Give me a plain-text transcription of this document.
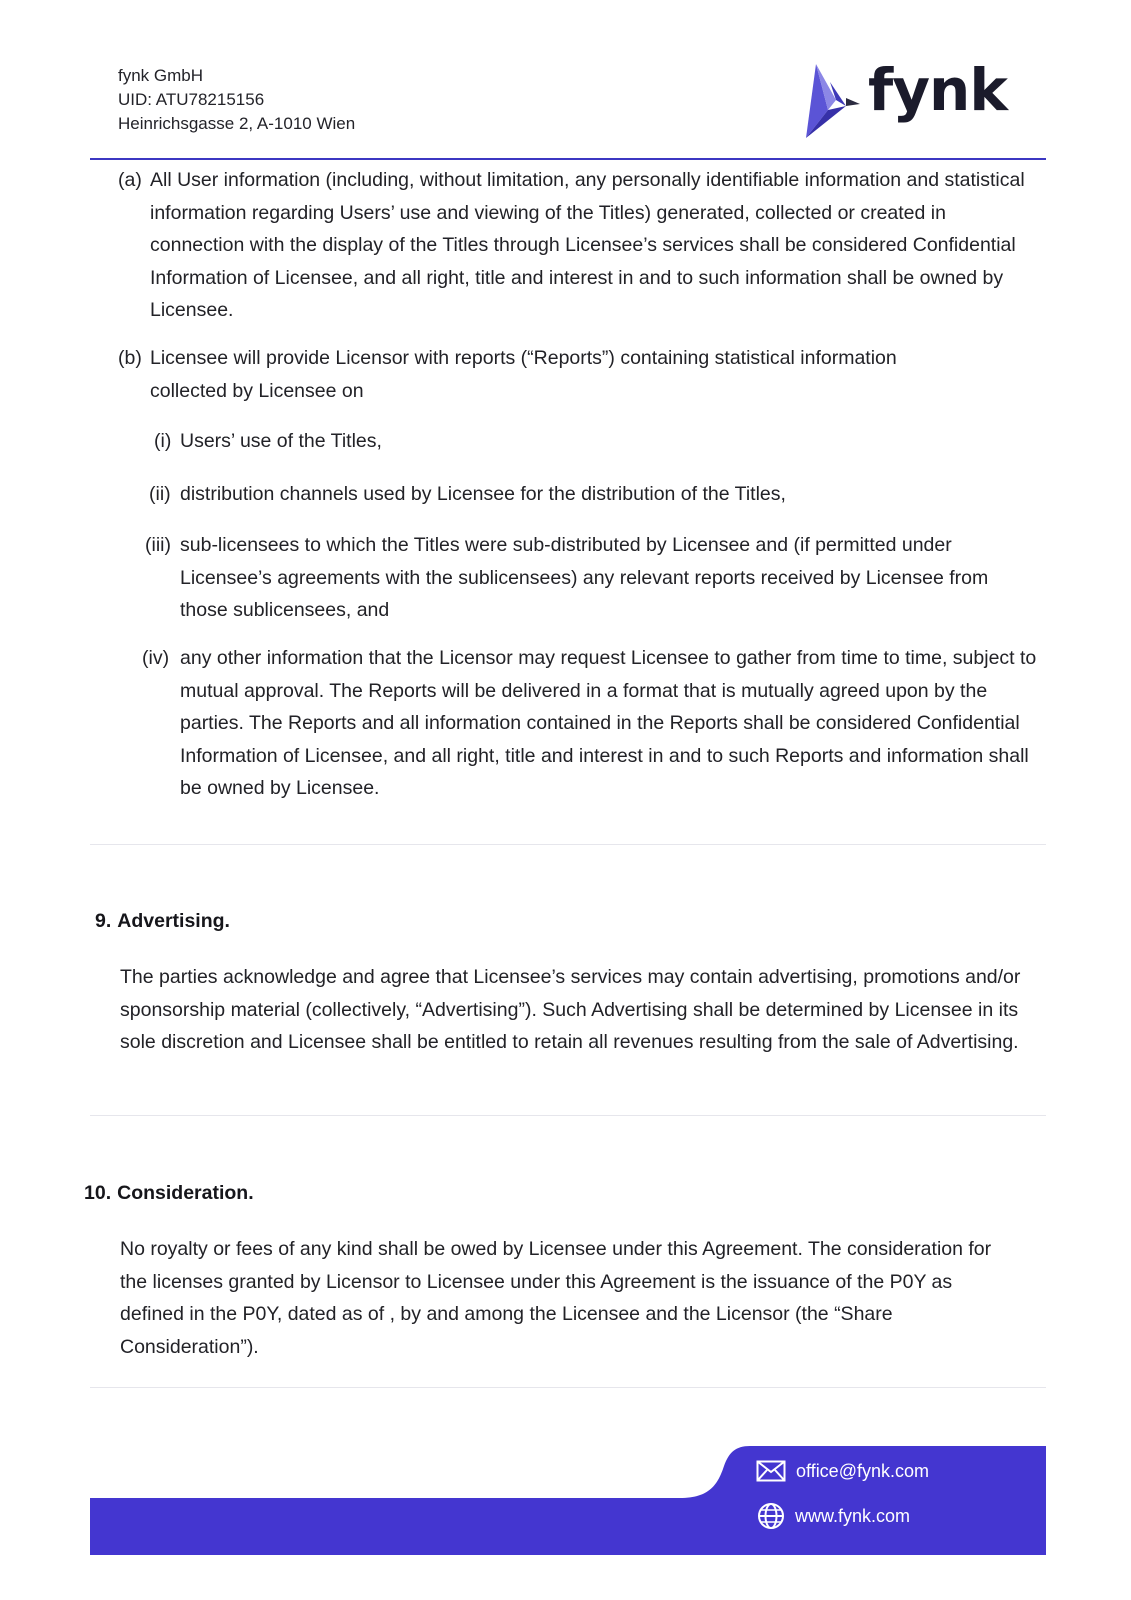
fynk GmbH
UID: ATU78215156
Heinrichsgasse 2, A-1010 Wien	fynk
(a) All User information (including, without limitation, any personally identifiable information and statistical information regarding Users’ use and viewing of the Titles) generated, collected or created in connection with the display of the Titles through Licensee’s services shall be considered Confidential Information of Licensee, and all right, title and interest in and to such information shall be owned by Licensee.
(b) Licensee will provide Licensor with reports (“Reports”) containing statistical information collected by Licensee on
(i) Users’ use of the Titles,
(ii) distribution channels used by Licensee for the distribution of the Titles,
(iii) sub-licensees to which the Titles were sub-distributed by Licensee and (if permitted under Licensee’s agreements with the sublicensees) any relevant reports received by Licensee from those sublicensees, and
(iv) any other information that the Licensor may request Licensee to gather from time to time, subject to mutual approval. The Reports will be delivered in a format that is mutually agreed upon by the parties. The Reports and all information contained in the Reports shall be considered Confidential Information of Licensee, and all right, title and interest in and to such Reports and information shall be owned by Licensee.
9. Advertising.
The parties acknowledge and agree that Licensee’s services may contain advertising, promotions and/or sponsorship material (collectively, “Advertising”). Such Advertising shall be determined by Licensee in its sole discretion and Licensee shall be entitled to retain all revenues resulting from the sale of Advertising.
10. Consideration.
No royalty or fees of any kind shall be owed by Licensee under this Agreement. The consideration for the licenses granted by Licensor to Licensee under this Agreement is the issuance of the P0Y as defined in the P0Y, dated as of , by and among the Licensee and the Licensor (the “Share Consideration”).
office@fynk.com
www.fynk.com
